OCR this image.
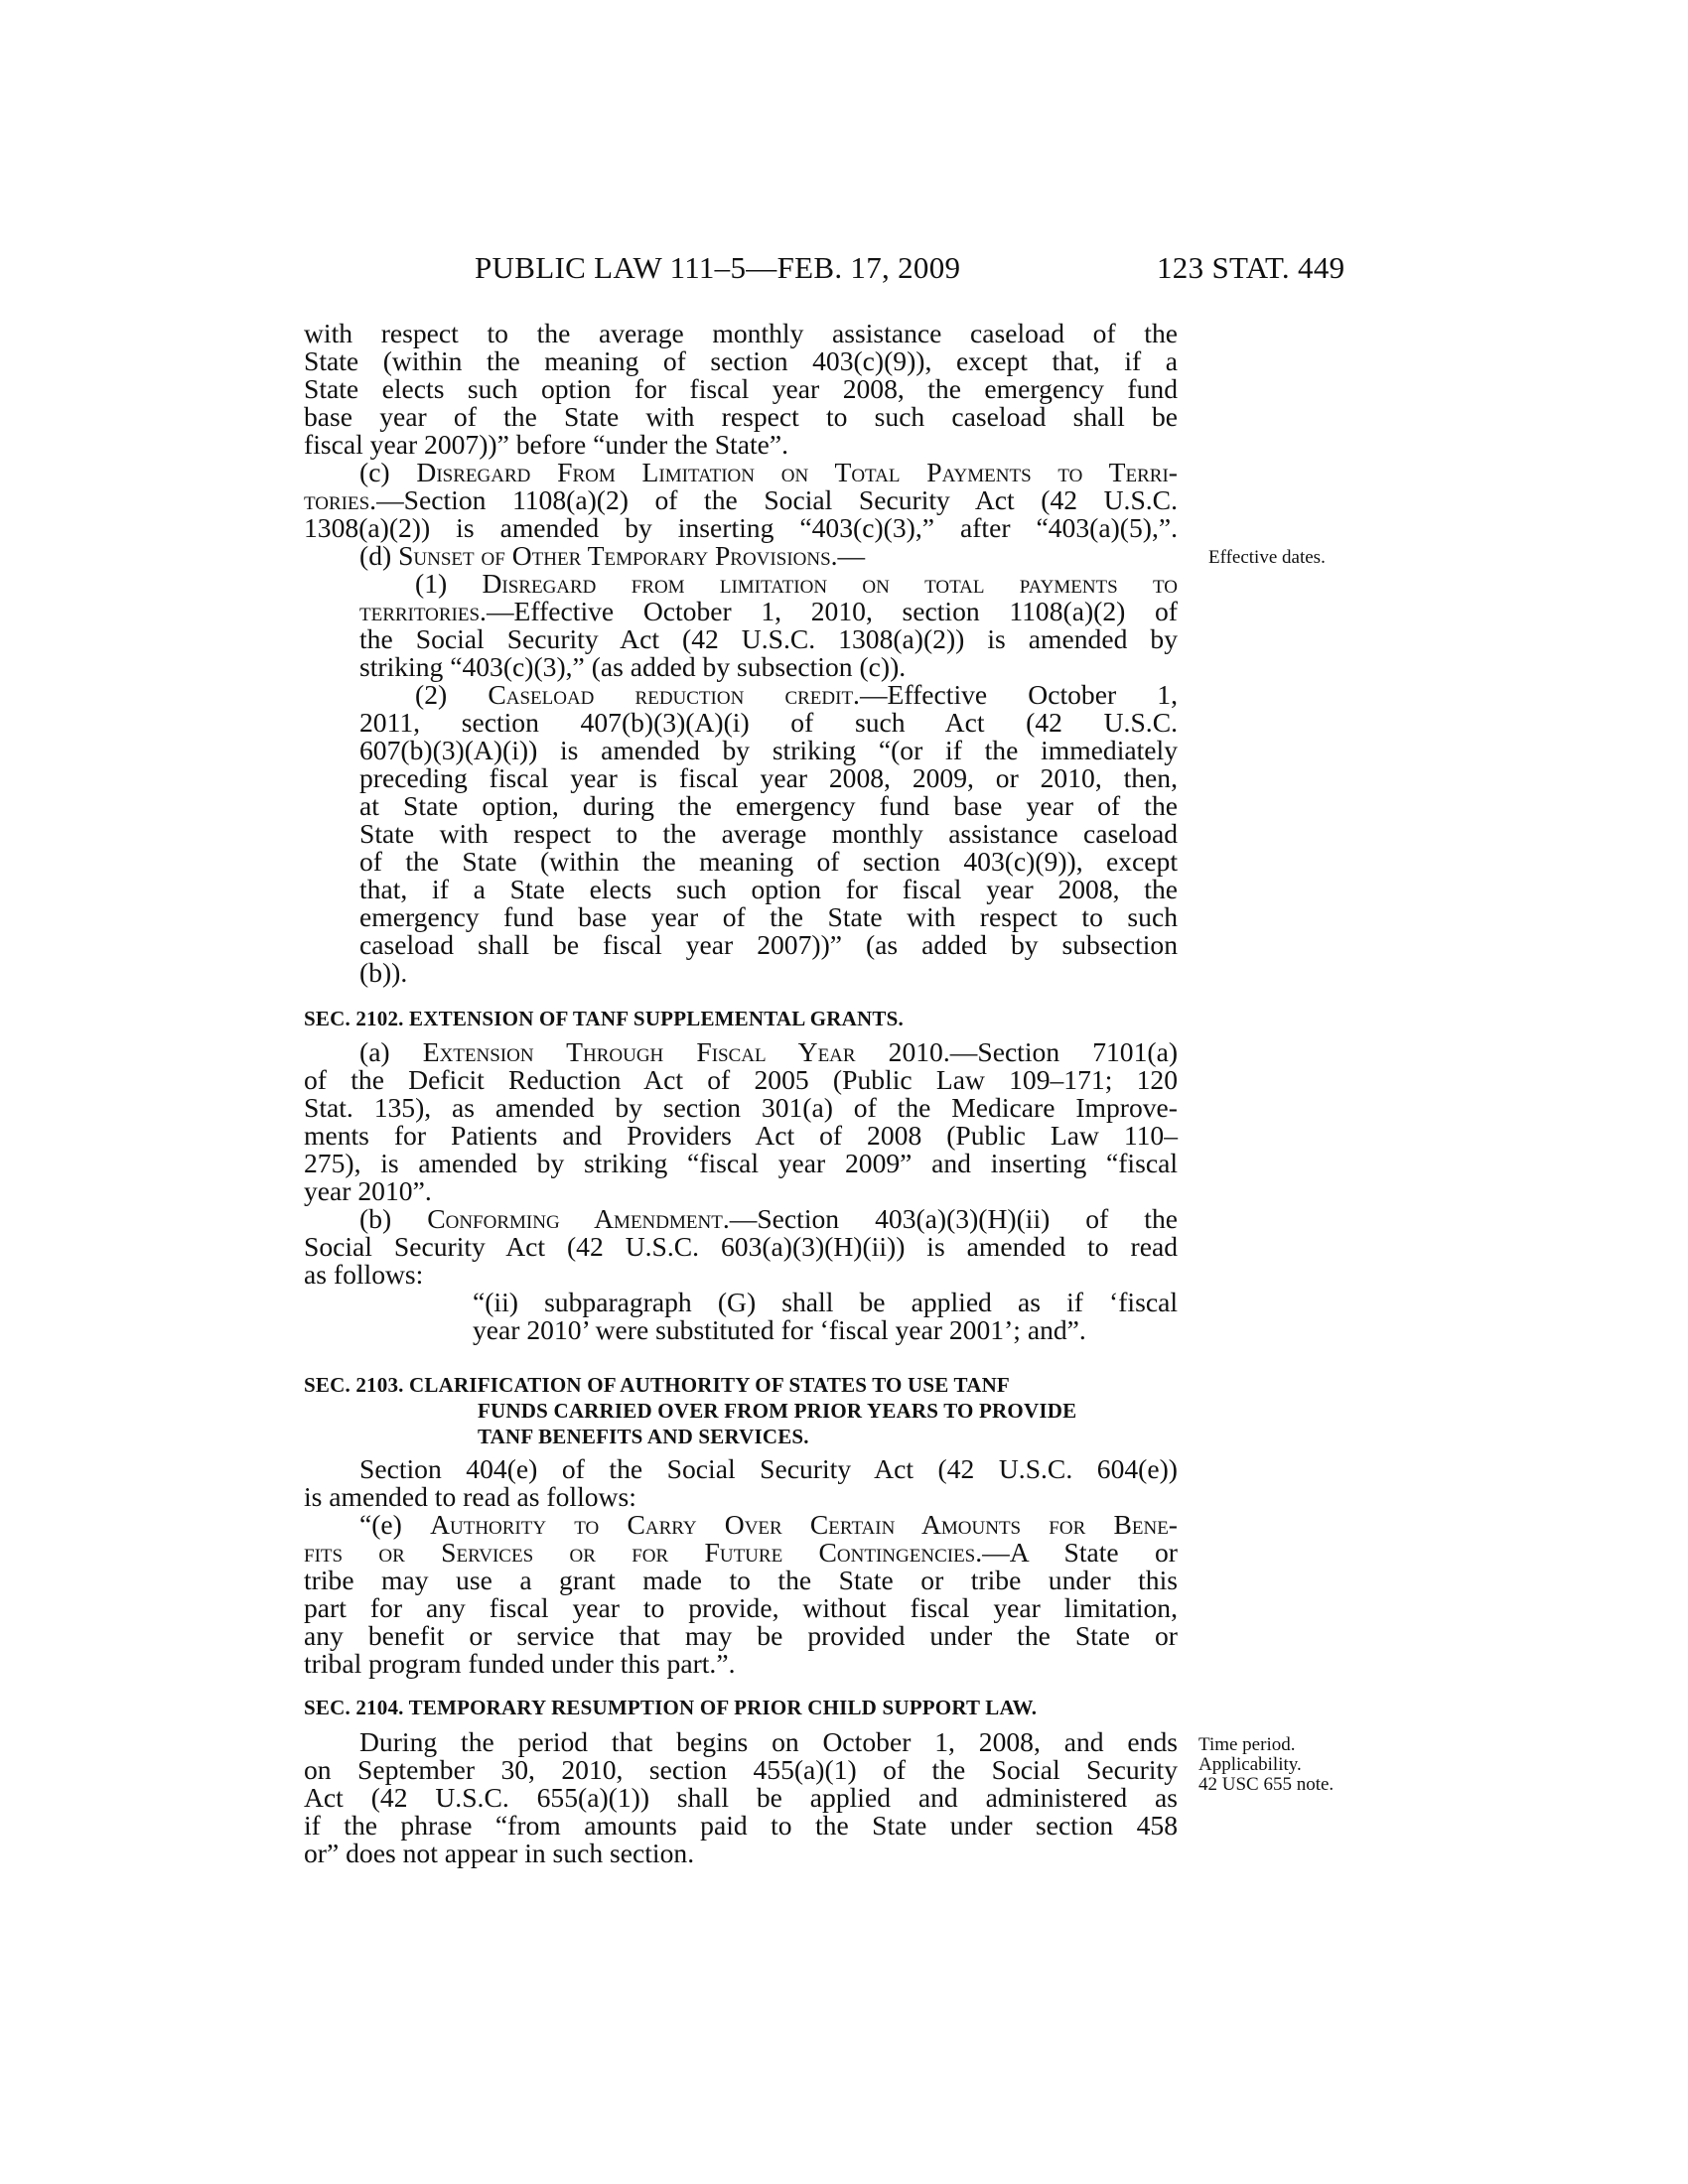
PUBLIC LAW 111–5—FEB. 17, 2009	123 STAT. 449
with respect to the average monthly assistance caseload of the
State (within the meaning of section 403(c)(9)), except that, if a
State elects such option for fiscal year 2008, the emergency fund
base year of the State with respect to such caseload shall be
fiscal year 2007))” before “under the State”.
(c) Disregard From Limitation on Total Payments to Terri-
tories.—Section 1108(a)(2) of the Social Security Act (42 U.S.C.
1308(a)(2)) is amended by inserting “403(c)(3),” after “403(a)(5),”.
(d) Sunset of Other Temporary Provisions.—	Effective dates.
(1) Disregard from limitation on total payments to
territories.—Effective October 1, 2010, section 1108(a)(2) of
the Social Security Act (42 U.S.C. 1308(a)(2)) is amended by
striking “403(c)(3),” (as added by subsection (c)).
(2) Caseload reduction credit.—Effective October 1,
2011, section 407(b)(3)(A)(i) of such Act (42 U.S.C.
607(b)(3)(A)(i)) is amended by striking “(or if the immediately
preceding fiscal year is fiscal year 2008, 2009, or 2010, then,
at State option, during the emergency fund base year of the
State with respect to the average monthly assistance caseload
of the State (within the meaning of section 403(c)(9)), except
that, if a State elects such option for fiscal year 2008, the
emergency fund base year of the State with respect to such
caseload shall be fiscal year 2007))” (as added by subsection
(b)).
SEC. 2102. EXTENSION OF TANF SUPPLEMENTAL GRANTS.
(a) Extension Through Fiscal Year 2010.—Section 7101(a)
of the Deficit Reduction Act of 2005 (Public Law 109–171; 120
Stat. 135), as amended by section 301(a) of the Medicare Improve-
ments for Patients and Providers Act of 2008 (Public Law 110–
275), is amended by striking “fiscal year 2009” and inserting “fiscal
year 2010”.
(b) Conforming Amendment.—Section 403(a)(3)(H)(ii) of the
Social Security Act (42 U.S.C. 603(a)(3)(H)(ii)) is amended to read
as follows:
“(ii) subparagraph (G) shall be applied as if ‘fiscal
year 2010’ were substituted for ‘fiscal year 2001’; and”.
SEC. 2103. CLARIFICATION OF AUTHORITY OF STATES TO USE TANF
FUNDS CARRIED OVER FROM PRIOR YEARS TO PROVIDE
TANF BENEFITS AND SERVICES.
Section 404(e) of the Social Security Act (42 U.S.C. 604(e))
is amended to read as follows:
“(e) Authority to Carry Over Certain Amounts for Bene-
fits or Services or for Future Contingencies.—A State or
tribe may use a grant made to the State or tribe under this
part for any fiscal year to provide, without fiscal year limitation,
any benefit or service that may be provided under the State or
tribal program funded under this part.”.
SEC. 2104. TEMPORARY RESUMPTION OF PRIOR CHILD SUPPORT LAW.
During the period that begins on October 1, 2008, and ends
on September 30, 2010, section 455(a)(1) of the Social Security
Act (42 U.S.C. 655(a)(1)) shall be applied and administered as
if the phrase “from amounts paid to the State under section 458
or” does not appear in such section.
Time period.
Applicability.
42 USC 655 note.
